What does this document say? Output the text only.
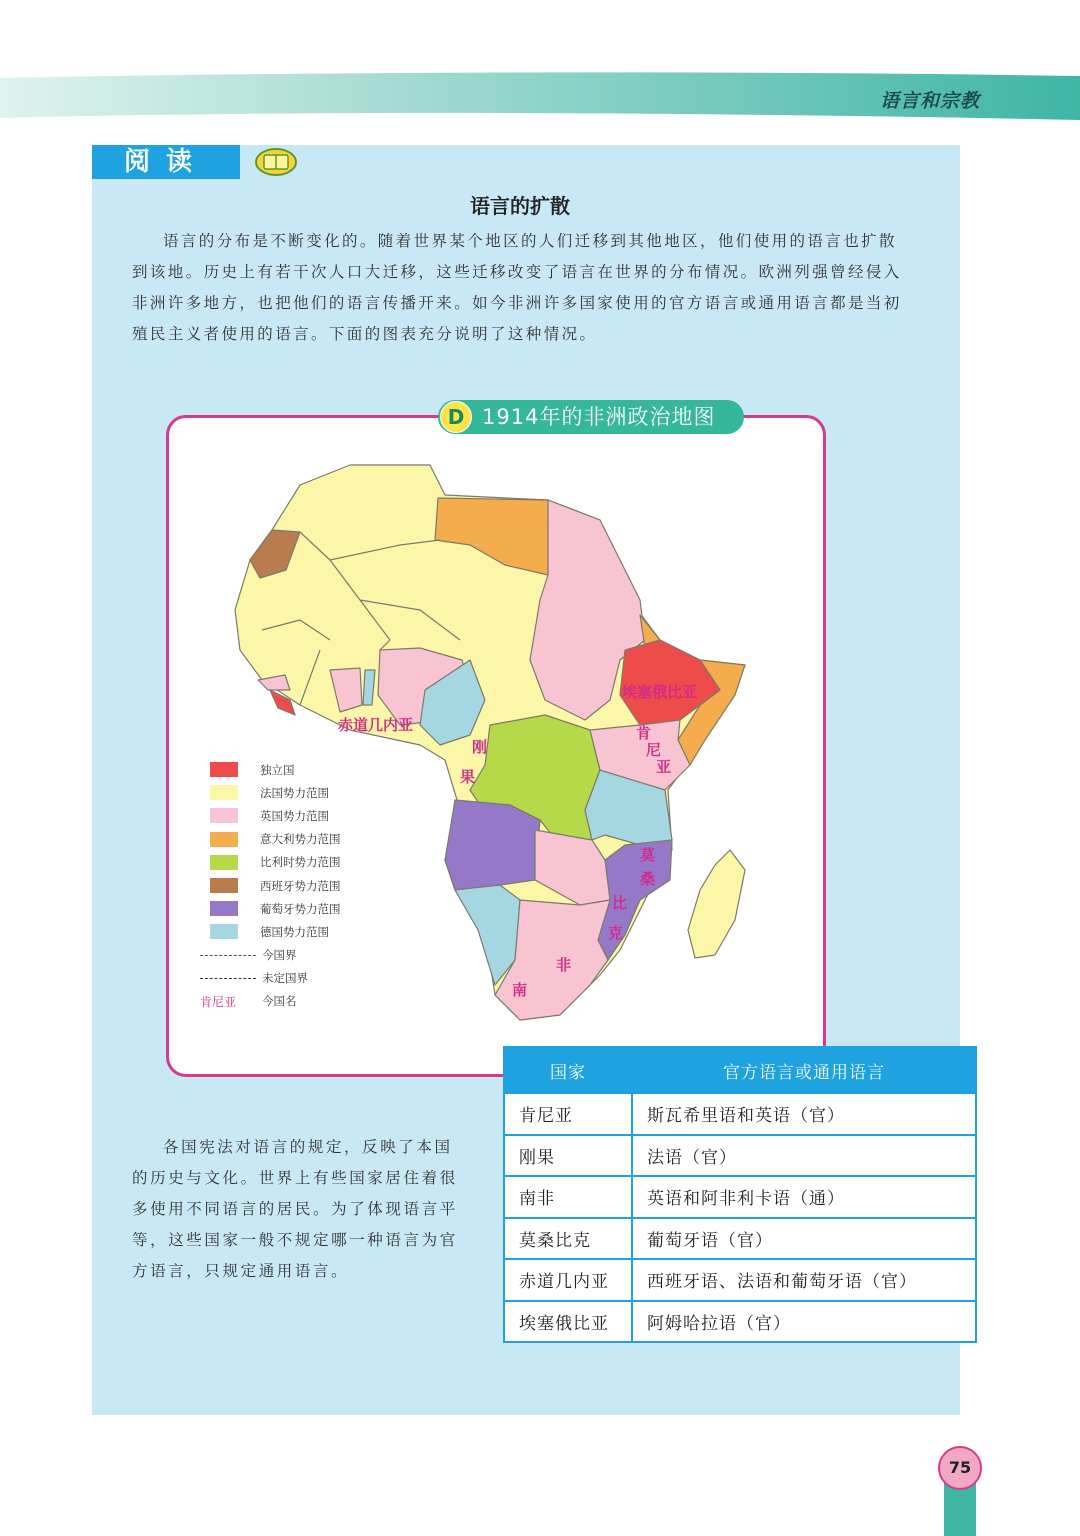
语言和宗教
阅读
语言的扩散

语言的分布是不断变化的。随着世界某个地区的人们迁移到其他地区，他们使用的语言也扩散到该地。历史上有若干次人口大迁移，这些迁移改变了语言在世界的分布情况。欧洲列强曾经侵入非洲许多地方，也把他们的语言传播开来。如今非洲许多国家使用的官方语言或通用语言都是当初殖民主义者使用的语言。下面的图表充分说明了这种情况。

D 1914年的非洲政治地图
埃塞俄比亚
赤道几内亚	肯
尼
亚
刚
果
莫
桑
比
克
南
非
独立国
法国势力范围
英国势力范围
意大利势力范围
比利时势力范围
西班牙势力范围
葡萄牙势力范围
德国势力范围
今国界
未定国界
肯尼亚	今国名
国家	官方语言或通用语言
肯尼亚	斯瓦希里语和英语（官）
刚果	法语（官）
南非	英语和阿非利卡语（通）
莫桑比克	葡萄牙语（官）
赤道几内亚	西班牙语、法语和葡萄牙语（官）
埃塞俄比亚	阿姆哈拉语（官）

各国宪法对语言的规定，反映了本国的历史与文化。世界上有些国家居住着很多使用不同语言的居民。为了体现语言平等，这些国家一般不规定哪一种语言为官方语言，只规定通用语言。

75
